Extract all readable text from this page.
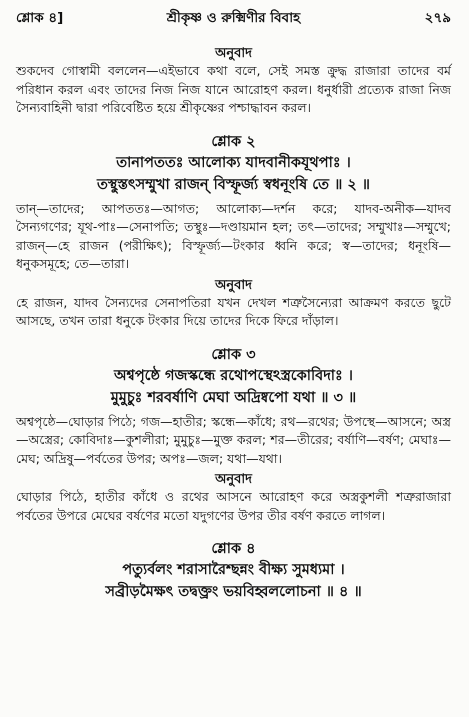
শ্লোক ৪]	শ্রীকৃষ্ণ ও রুক্মিণীর বিবাহ	২৭৯

অনুবাদ

শুকদেব গোস্বামী বললেন—এইভাবে কথা বলে, সেই সমস্ত ক্রুদ্ধ রাজারা তাদের বর্ম পরিধান করল এবং তাদের নিজ নিজ যানে আরোহণ করল। ধনুর্ধারী প্রত্যেক রাজা নিজ সৈন্যবাহিনী দ্বারা পরিবেষ্টিত হয়ে শ্রীকৃষ্ণের পশ্চাদ্ধাবন করল।

শ্লোক ২

তানাপততঃ আলোক্য যাদবানীকযূথপাঃ ।

তস্থুস্তৎসম্মুখা রাজন্ বিস্ফূর্জ্য স্বধনূংষি তে ॥ ২ ॥

তান্—তাদের; আপততঃ—আগত; আলোক্য—দর্শন করে; যাদব-অনীক—যাদব সৈন্যগণের; যূথ-পাঃ—সেনাপতি; তস্থুঃ—দণ্ডায়মান হল; তৎ—তাদের; সম্মুখাঃ—সম্মুখে; রাজন্—হে রাজন (পরীক্ষিৎ); বিস্ফূর্জ্য—টংকার ধ্বনি করে; স্ব—তাদের; ধনূংষি—ধনুকসমূহে; তে—তারা।

অনুবাদ

হে রাজন, যাদব সৈন্যদের সেনাপতিরা যখন দেখল শত্রুসৈন্যেরা আক্রমণ করতে ছুটে আসছে, তখন তারা ধনুকে টংকার দিয়ে তাদের দিকে ফিরে দাঁড়াল।

শ্লোক ৩

অশ্বপৃষ্ঠে গজস্কন্ধে রথোপস্থেঽস্ত্রকোবিদাঃ ।

মুমুচুঃ শরবর্ষাণি মেঘা অদ্রিষ্বপো যথা ॥ ৩ ॥

অশ্বপৃষ্ঠে—ঘোড়ার পিঠে; গজ—হাতীর; স্কন্ধে—কাঁধে; রথ—রথের; উপস্থে—আসনে; অস্ত্র—অস্ত্রের; কোবিদাঃ—কুশলীরা; মুমুচুঃ—মুক্ত করল; শর—তীরের; বর্ষাণি—বর্ষণ; মেঘাঃ—মেঘ; অদ্রিষু—পর্বতের উপর; অপঃ—জল; যথা—যথা।

অনুবাদ

ঘোড়ার পিঠে, হাতীর কাঁধে ও রথের আসনে আরোহণ করে অস্ত্রকুশলী শত্রুরাজারা পর্বতের উপরে মেঘের বর্ষণের মতো যদুগণের উপর তীর বর্ষণ করতে লাগল।

শ্লোক ৪

পত্যুর্বলং শরাসারৈশ্ছন্নং বীক্ষ্য সুমধ্যমা ।

সব্রীড়মৈক্ষৎ তদ্বক্ত্রং ভয়বিহ্বললোচনা ॥ ৪ ॥
